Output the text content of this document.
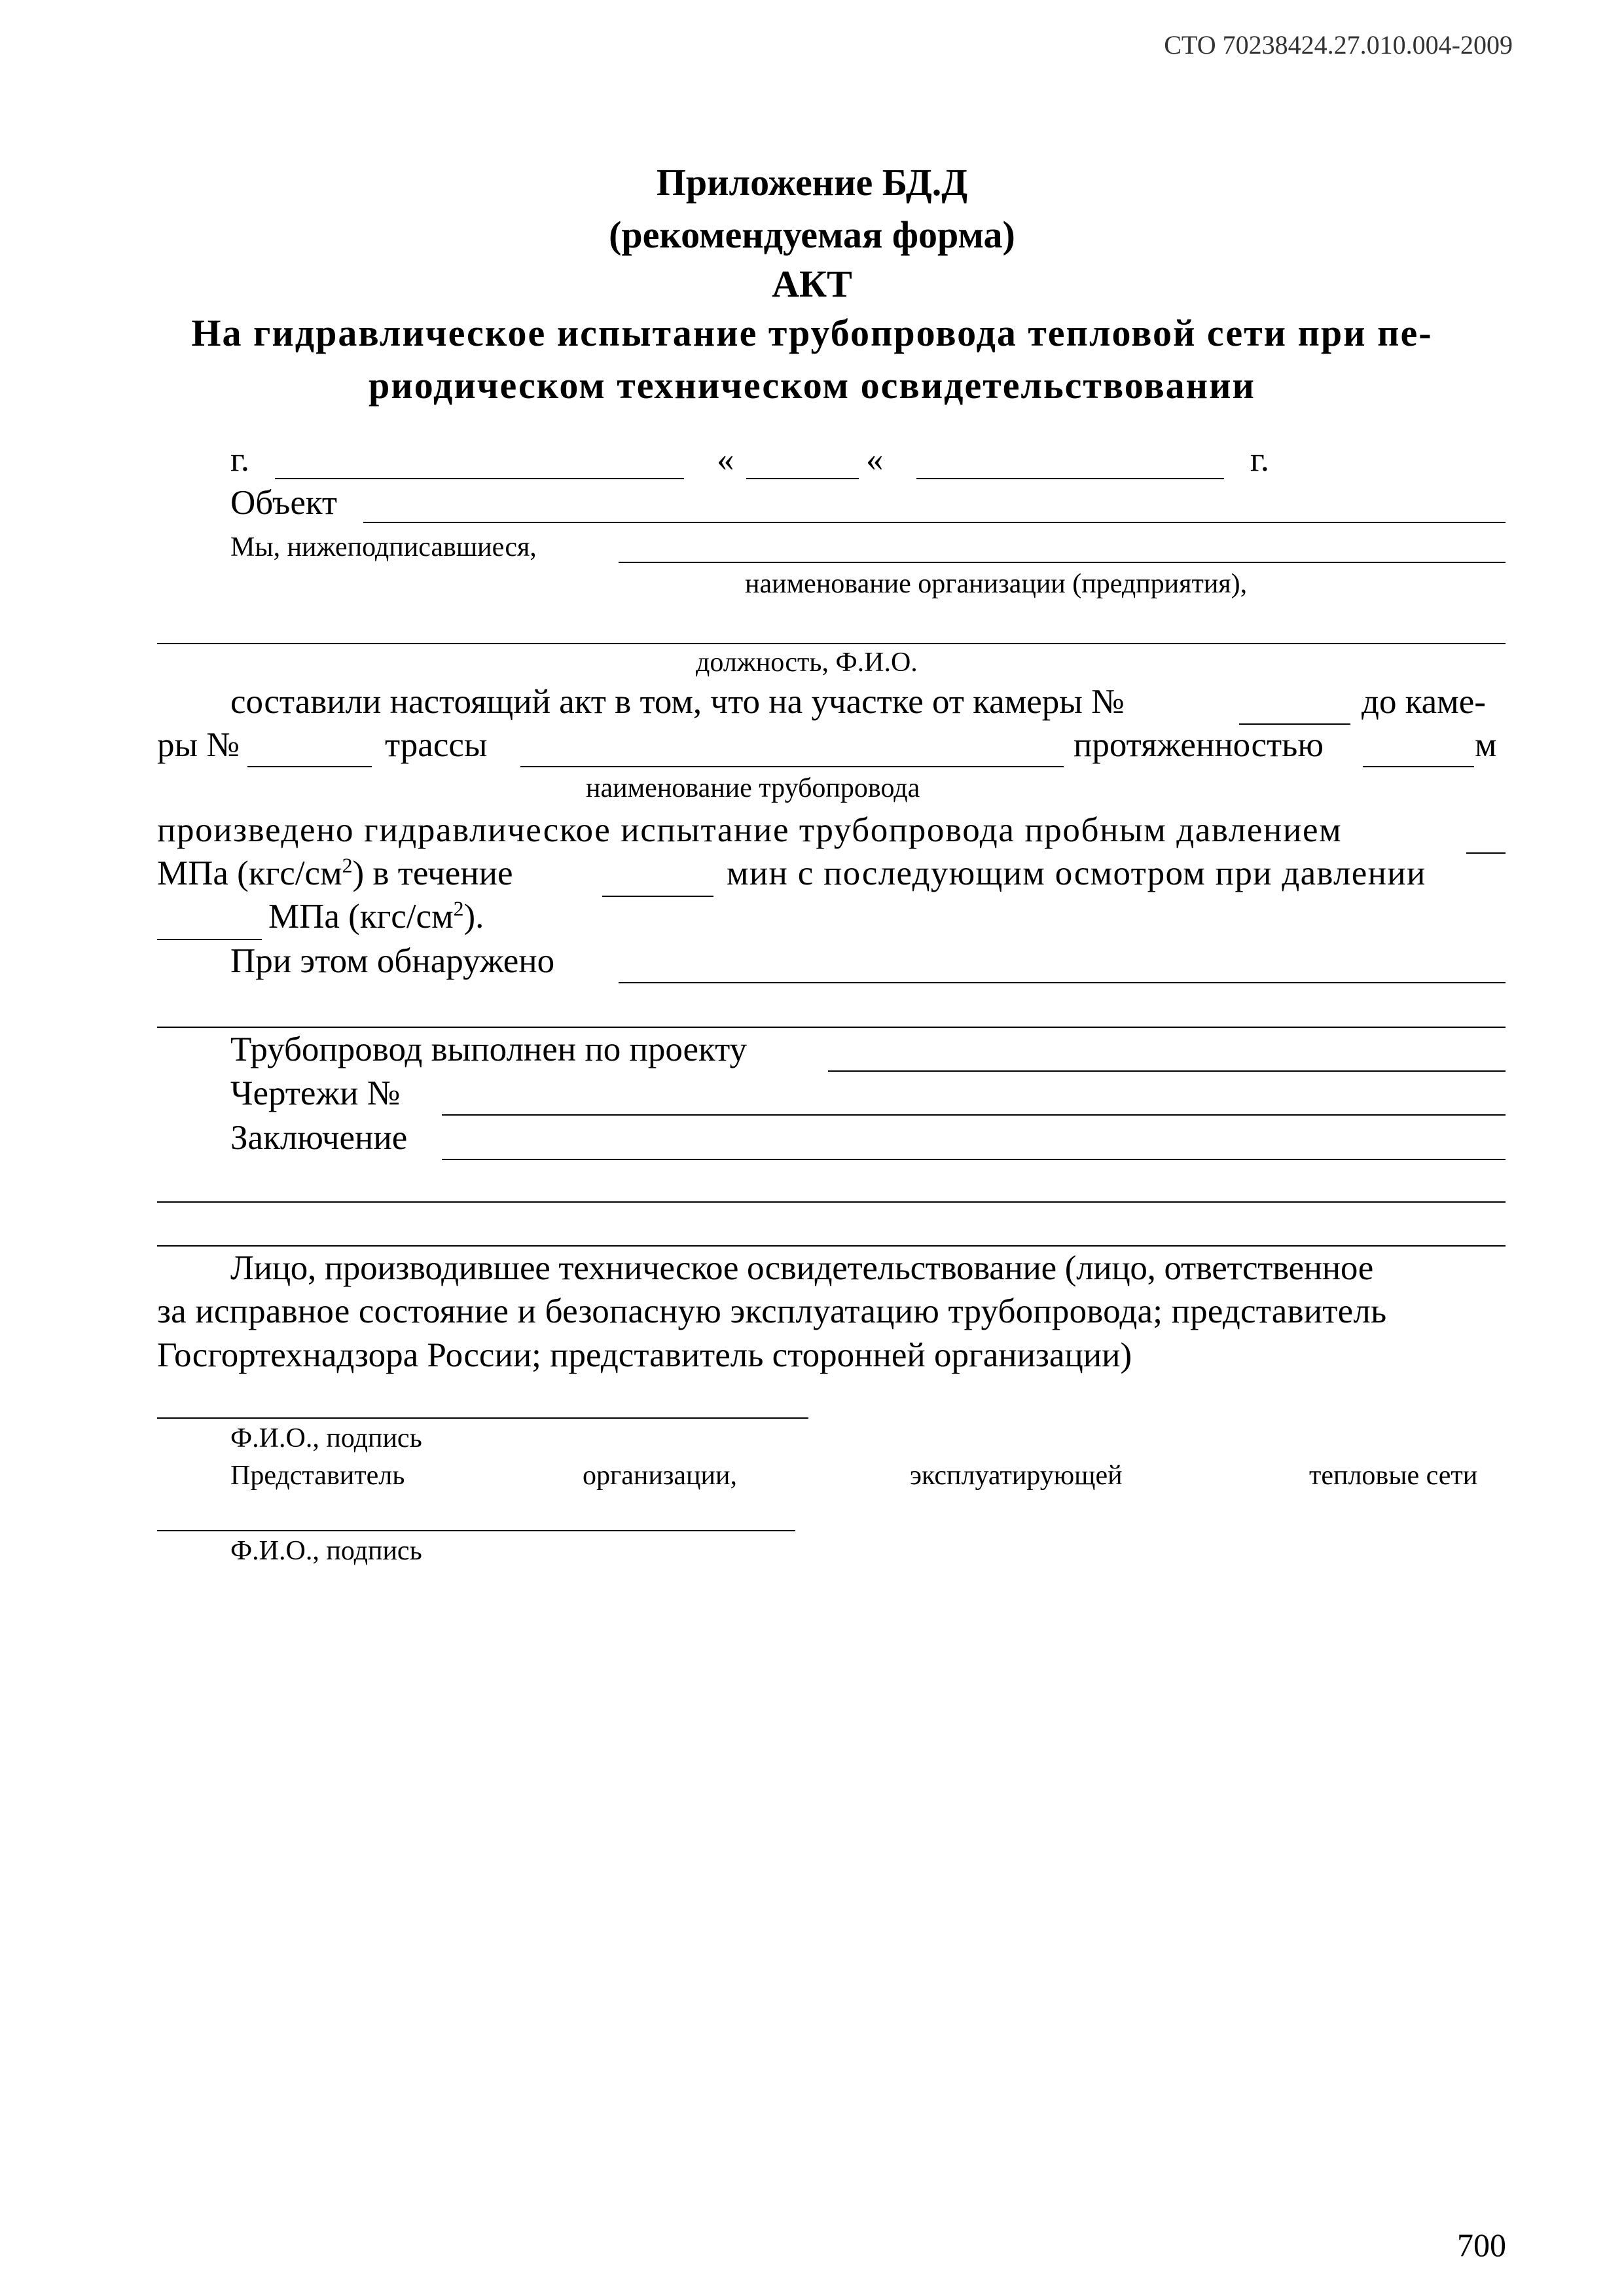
СТО 70238424.27.010.004-2009
Приложение БД.Д
(рекомендуемая форма)
АКТ
На гидравлическое испытание трубопровода тепловой сети при пе-
риодическом техническом освидетельствовании
г.	«	«	г.
Объект
Мы, нижеподписавшиеся,
наименование организации (предприятия),
должность, Ф.И.О.
составили настоящий акт в том, что на участке от камеры №	до каме-
ры №	трассы	протяженностью	м
наименование трубопровода
произведено гидравлическое испытание трубопровода пробным давлением
МПа $(кгс/см^2)$ в течение	мин с последующим осмотром при давлении
МПа $(кгс/см^2)$.
При этом обнаружено
Трубопровод выполнен по проекту
Чертежи №
Заключение
Лицо, производившее техническое освидетельствование (лицо, ответственное
за исправное состояние и безопасную эксплуатацию трубопровода; представитель
Госгортехнадзора России; представитель сторонней организации)
Ф.И.О., подпись
Представитель	организации,	эксплуатирующей	тепловые сети
Ф.И.О., подпись
700
